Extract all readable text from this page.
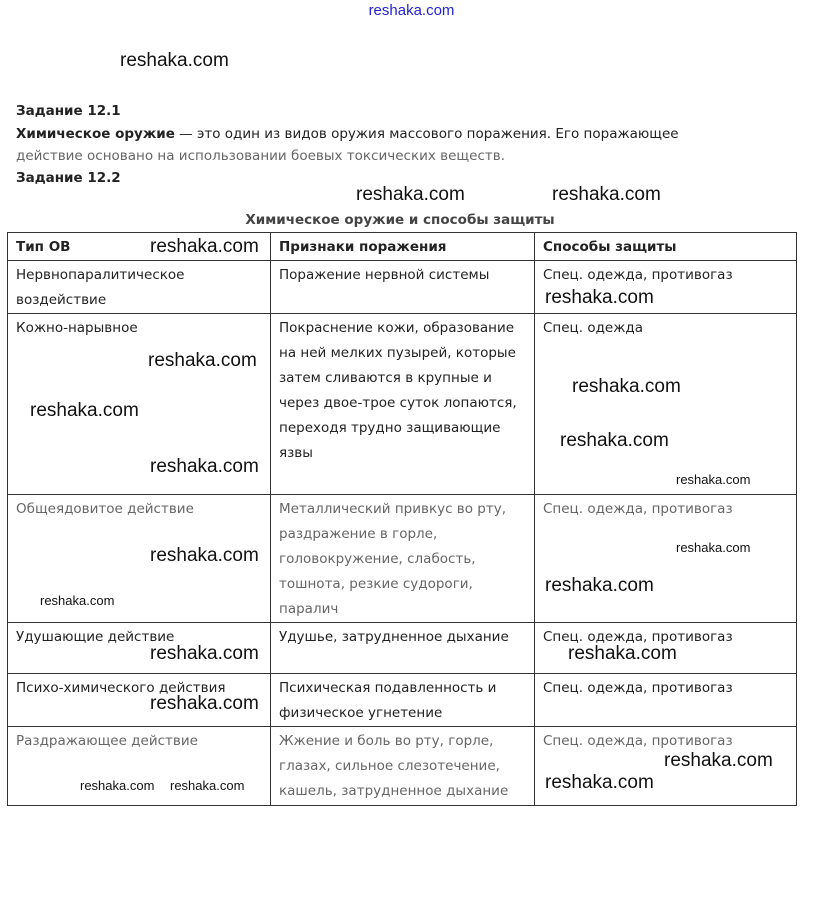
reshaka.com
Задание 12.1
Химическое оружие — это один из видов оружия массового поражения. Его поражающее
действие основано на использовании боевых токсических веществ.
Задание 12.2
Химическое оружие и способы защиты
Тип ОВ	Признаки поражения	Способы защиты
Нервнопаралитическое воздействие	Поражение нервной системы	Спец. одежда, противогаз
Кожно-нарывное	Покраснение кожи, образование на ней мелких пузырей, которые затем сливаются в крупные и через двое-трое суток лопаются, переходя трудно защивающие язвы	Спец. одежда
Общеядовитое действие	Металлический привкус во рту, раздражение в горле, головокружение, слабость, тошнота, резкие судороги, паралич	Спец. одежда, противогаз
Удушающие действие	Удушье, затрудненное дыхание	Спец. одежда, противогаз
Психо-химического действия	Психическая подавленность и физическое угнетение	Спец. одежда, противогаз
Раздражающее действие	Жжение и боль во рту, горле, глазах, сильное слезотечение, кашель, затрудненное дыхание	Спец. одежда, противогаз
reshaka.com
reshaka.com	reshaka.com
reshaka.com
reshaka.com
reshaka.com
reshaka.com
reshaka.com
reshaka.com
reshaka.com
reshaka.com
reshaka.com
reshaka.com
reshaka.com
reshaka.com
reshaka.com	reshaka.com
reshaka.com
reshaka.com
reshaka.com
reshaka.com reshaka.com
